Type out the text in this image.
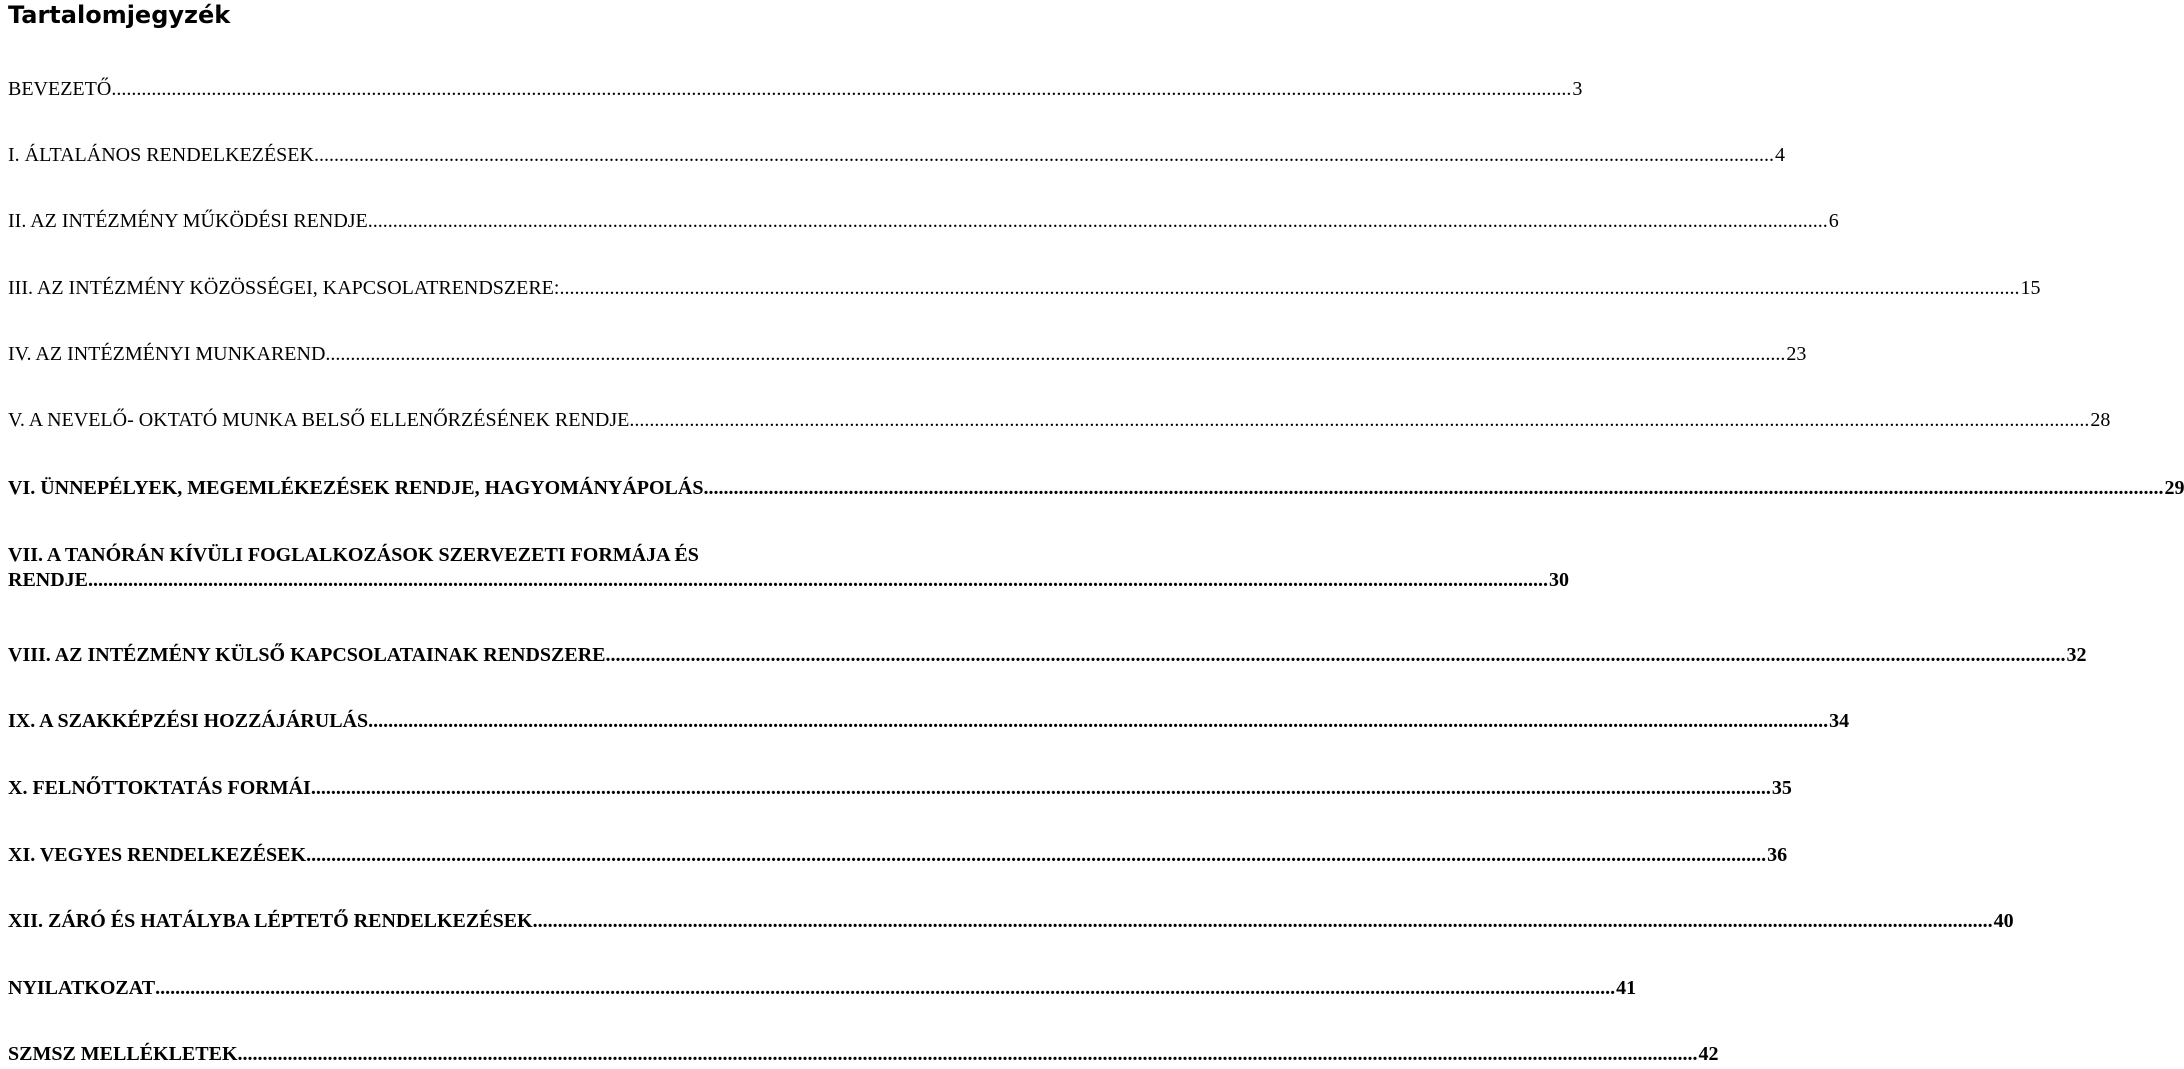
Tartalomjegyzék
BEVEZETŐ .....	3
I. ÁLTALÁNOS RENDELKEZÉSEK .....	4
II. AZ INTÉZMÉNY MŰKÖDÉSI RENDJE .....	6
III. AZ INTÉZMÉNY KÖZÖSSÉGEI, KAPCSOLATRENDSZERE: .....	15
IV. AZ INTÉZMÉNYI MUNKAREND .....	23
V. A NEVELŐ- OKTATÓ MUNKA BELSŐ ELLENŐRZÉSÉNEK RENDJE .....	28
VI. ÜNNEPÉLYEK, MEGEMLÉKEZÉSEK RENDJE, HAGYOMÁNYÁPOLÁS .....	29
VII. A TANÓRÁN KÍVÜLI FOGLALKOZÁSOK SZERVEZETI FORMÁJA ÉS
RENDJE .....	30
VIII. AZ INTÉZMÉNY KÜLSŐ KAPCSOLATAINAK RENDSZERE .....	32
IX. A SZAKKÉPZÉSI HOZZÁJÁRULÁS .....	34
X. FELNŐTTOKTATÁS FORMÁI .....	35
XI. VEGYES RENDELKEZÉSEK .....	36
XII. ZÁRÓ ÉS HATÁLYBA LÉPTETŐ RENDELKEZÉSEK .....	40
NYILATKOZAT .....	41
SZMSZ MELLÉKLETEK .....	42
